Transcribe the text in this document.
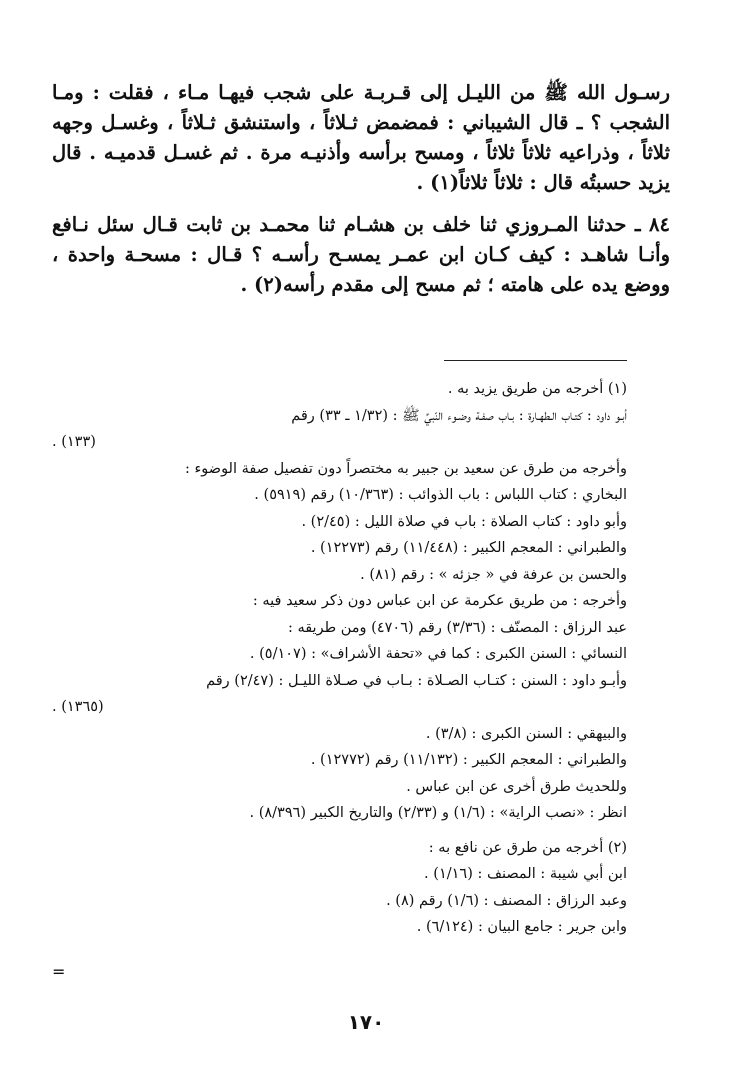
رسـول الله ﷺ من الليـل إلى قـربـة على شجب فيهـا مـاء ، فقلت : ومـا الشجب ؟ ـ قال الشيباني : فمضمض ثـلاثاً ، واستنشق ثـلاثاً ، وغسـل وجهه ثلاثاً ، وذراعيه ثلاثاً ثلاثاً ، ومسح برأسه وأذنيـه مرة . ثم غسـل قدميـه . قال يزيد حسبتُه قال : ثلاثاً ثلاثاً(١) .

٨٤ ـ حدثنا المـروزي ثنا خلف بن هشـام ثنا محمـد بن ثابت قـال سئل نـافع وأنـا شاهـد : كيف كـان ابن عمـر يمسـح رأسـه ؟ قـال : مسحـة واحدة ، ووضع يده على هامته ؛ ثم مسح إلى مقدم رأسه(٢) .

(١) أخرجه من طريق يزيد به .
أبـو داود : كتـاب الـطهـارة : بـاب صفـة وضـوء النّبيِّ ﷺ : (١/٣٢ ـ ٣٣) رقم
(١٣٣) .
وأخرجه من طرق عن سعيد بن جبير به مختصراً دون تفصيل صفة الوضوء :
البخاري : كتاب اللباس : باب الذوائب : (١٠/٣٦٣) رقم (٥٩١٩) .
وأبو داود : كتاب الصلاة : باب في صلاة الليل : (٢/٤٥) .
والطبراني : المعجم الكبير : (١١/٤٤٨) رقم (١٢٢٧٣) .
والحسن بن عرفة في « جزئه » : رقم (٨١) .
وأخرجه : من طريق عكرمة عن ابن عباس دون ذكر سعيد فيه :
عبد الرزاق : المصنّف : (٣/٣٦) رقم (٤٧٠٦) ومن طريقه :
النسائي : السنن الكبرى : كما في «تحفة الأشراف» : (٥/١٠٧) .
وأبـو داود : السنن : كتـاب الصـلاة : بـاب في صـلاة الليـل : (٢/٤٧) رقم
(١٣٦٥) .
والبيهقي : السنن الكبرى : (٣/٨) .
والطبراني : المعجم الكبير : (١١/١٣٢) رقم (١٢٧٧٢) .
وللحديث طرق أخرى عن ابن عباس .
انظر : «نصب الراية» : (١/٦) و (٢/٣٣) والتاريخ الكبير (٨/٣٩٦) .
(٢) أخرجه من طرق عن نافع به :
ابن أبي شيبة : المصنف : (١/١٦) .
وعبد الرزاق : المصنف : (١/٦) رقم (٨) .
وابن جرير : جامع البيان : (٦/١٢٤) .
=
١٧٠
